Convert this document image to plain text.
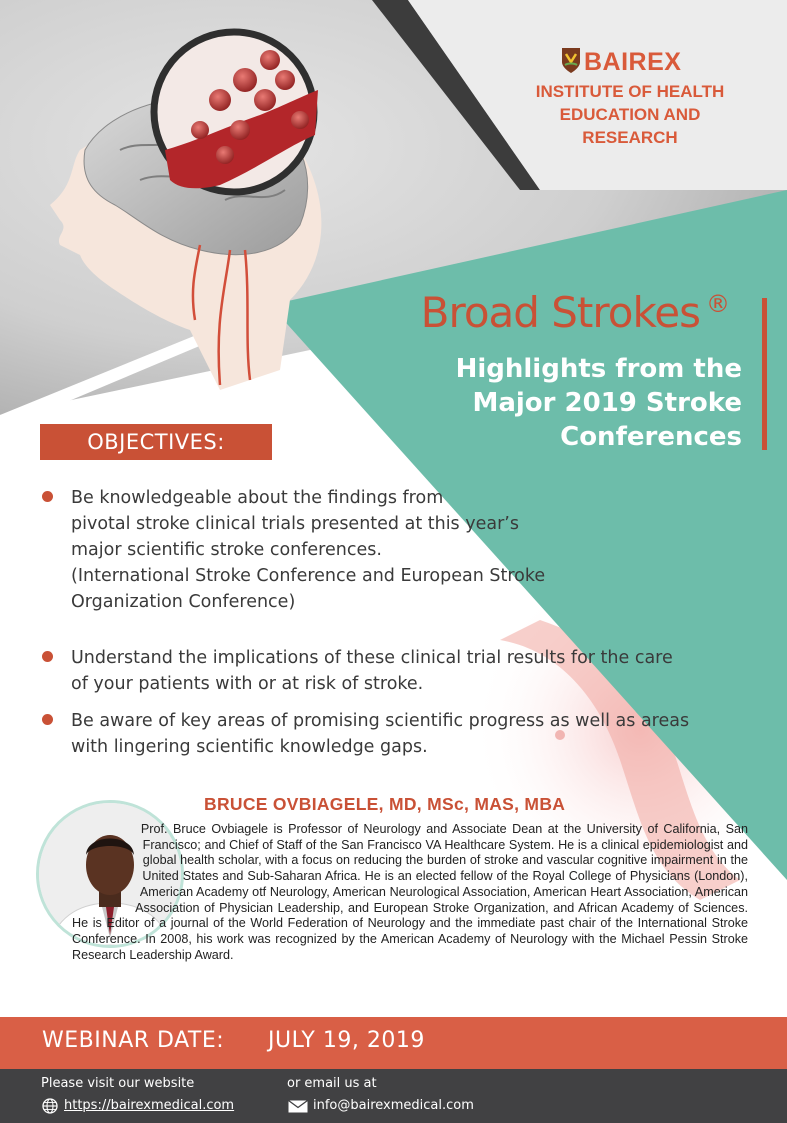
BAIREX
INSTITUTE OF HEALTH
EDUCATION AND
RESEARCH
Broad Strokes ®
Highlights from the
Major 2019 Stroke
Conferences
OBJECTIVES:
Be knowledgeable about the findings from
pivotal stroke clinical trials presented at this year’s
major scientific stroke conferences.
(International Stroke Conference and European Stroke
Organization Conference)
Understand the implications of these clinical trial results for the care
of your patients with or at risk of stroke.
Be aware of key areas of promising scientific progress as well as areas
with lingering scientific knowledge gaps.
BRUCE OVBIAGELE, MD, MSc, MAS, MBA
Prof. Bruce Ovbiagele is Professor of Neurology and Associate Dean at the University of California, San Francisco; and Chief of Staff of the San Francisco VA Healthcare System. He is a clinical epidemiologist and global health scholar, with a focus on reducing the burden of stroke and vascular cognitive impairment in the United States and Sub-Saharan Africa. He is an elected fellow of the Royal College of Physicians (London), American Academy otf Neurology, American Neurological Association, American Heart Association, American Association of Physician Leadership, and European Stroke Organization, and African Academy of Sciences. He is Editor of a journal of the World Federation of Neurology and the immediate past chair of the International Stroke Conference. In 2008, his work was recognized by the American Academy of Neurology with the Michael Pessin Stroke Research Leadership Award.
WEBINAR DATE: JULY 19, 2019
Please visit our website	or email us at
https://bairexmedical.com	info@bairexmedical.com
